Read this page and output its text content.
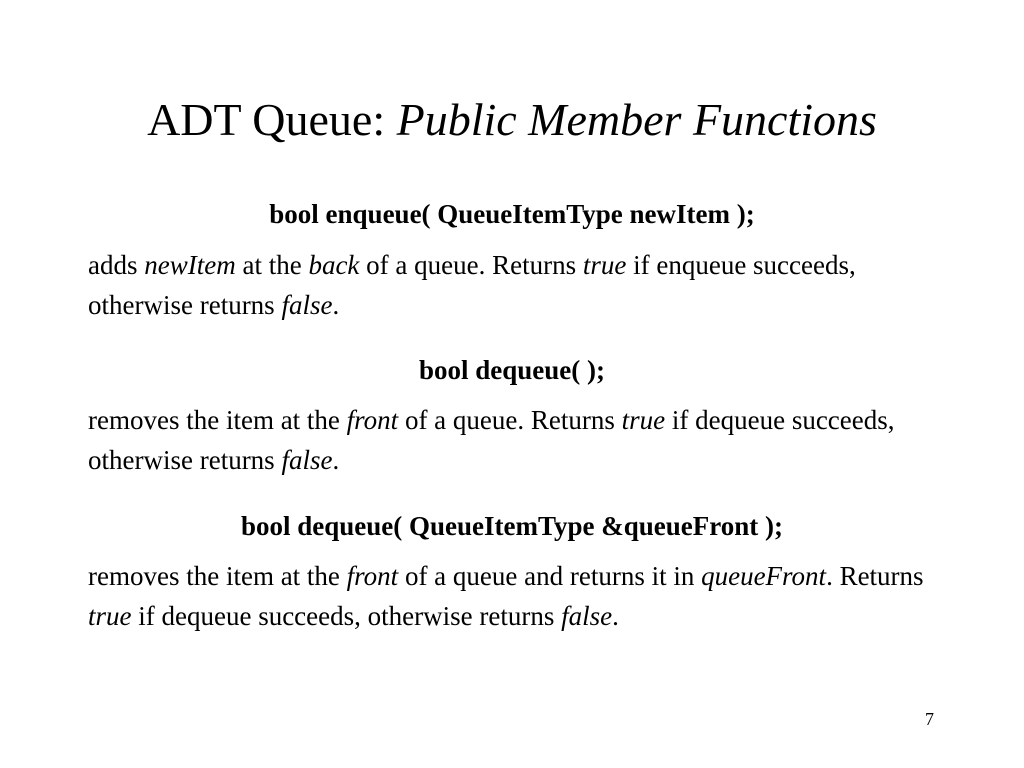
ADT Queue: Public Member Functions
bool enqueue( QueueItemType newItem );
adds newItem at the back of a queue. Returns true if enqueue succeeds, otherwise returns false.
bool dequeue( );
removes the item at the front of a queue. Returns true if dequeue succeeds, otherwise returns false.
bool dequeue( QueueItemType &queueFront );
removes the item at the front of a queue and returns it in queueFront. Returns true if dequeue succeeds, otherwise returns false.
7
